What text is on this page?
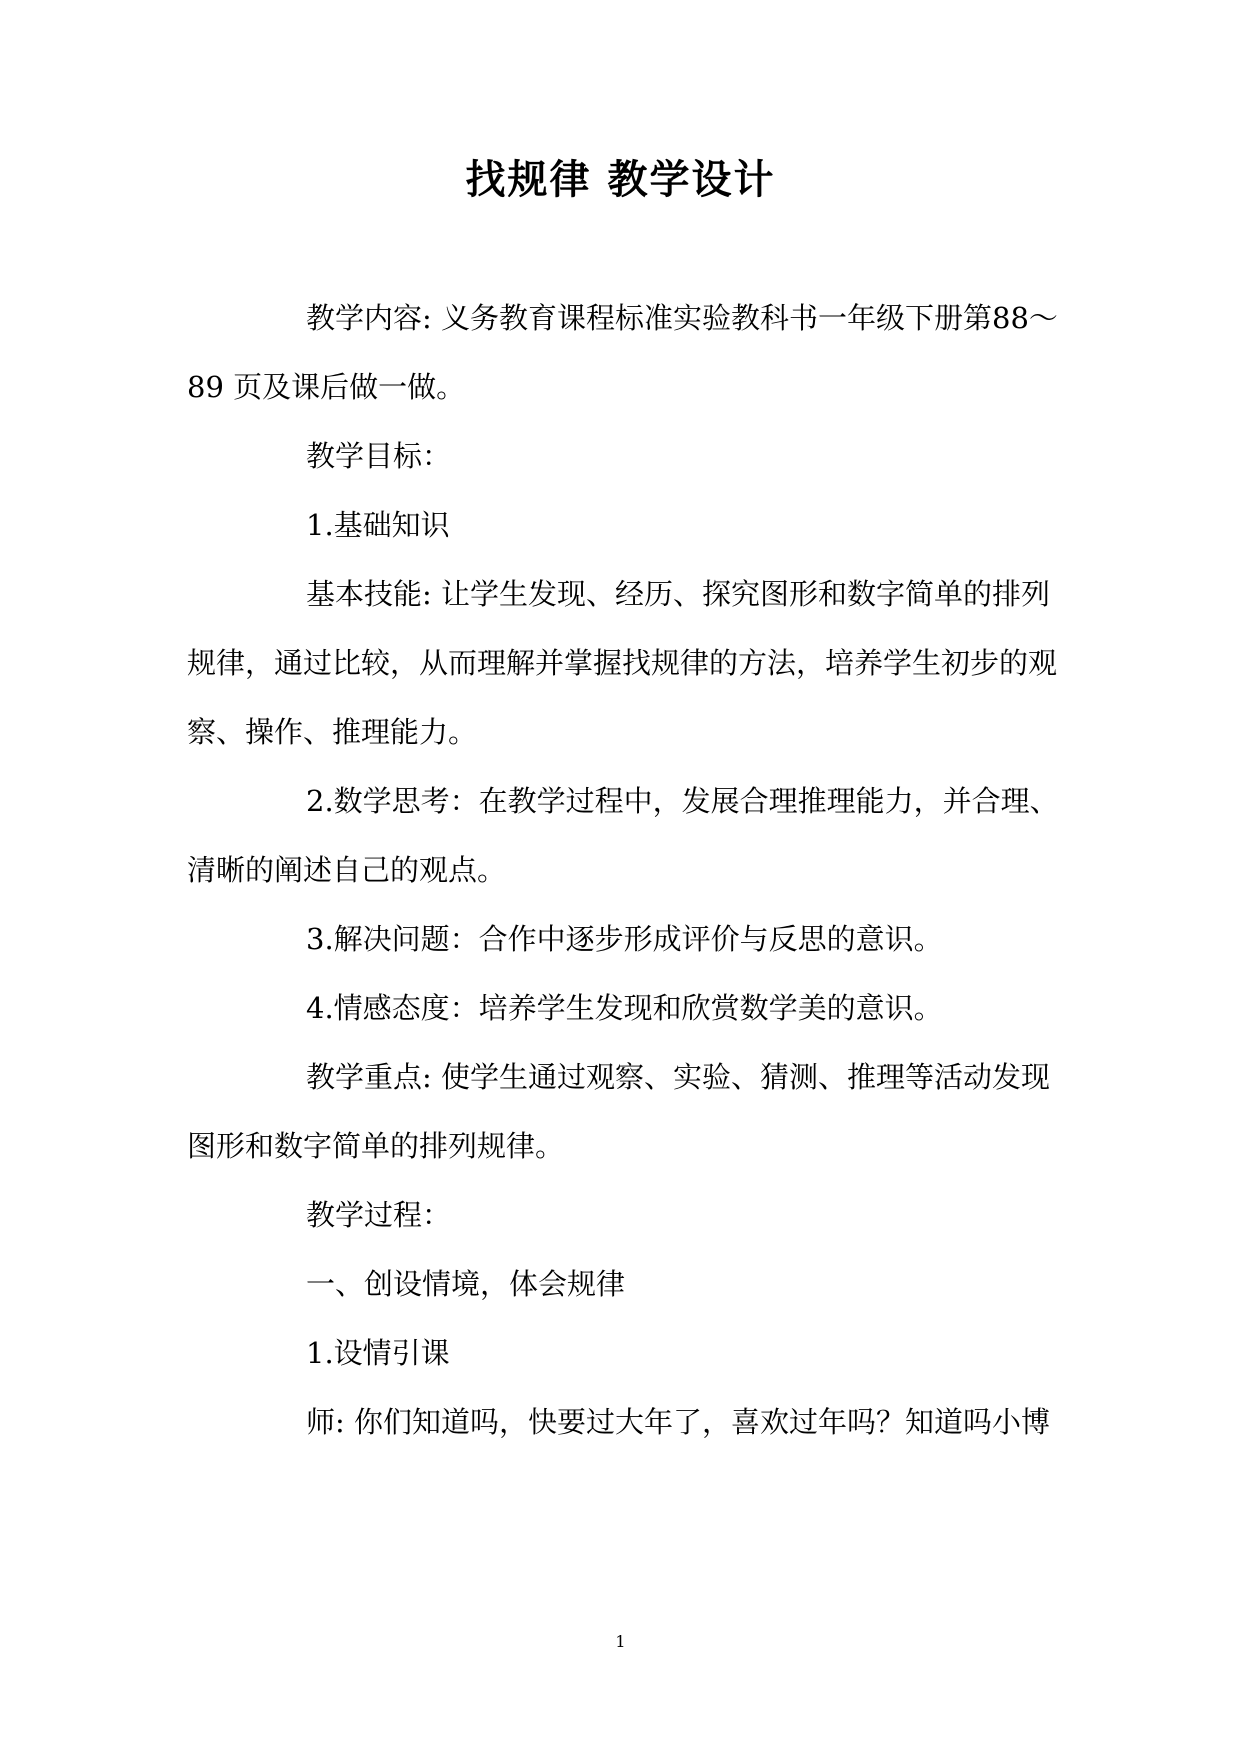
找规律 教学设计
教学内容: 义务教育课程标准实验教科书一年级下册第88～
89 页及课后做一做。
教学目标：
1.基础知识
基本技能: 让学生发现、经历、探究图形和数字简单的排列
规律，通过比较，从而理解并掌握找规律的方法，培养学生初步的观
察、操作、推理能力。
2.数学思考：在教学过程中，发展合理推理能力，并合理、
清晰的阐述自己的观点。
3.解决问题：合作中逐步形成评价与反思的意识。
4.情感态度：培养学生发现和欣赏数学美的意识。
教学重点: 使学生通过观察、实验、猜测、推理等活动发现
图形和数字简单的排列规律。
教学过程：
一、创设情境，体会规律
1.设情引课
师: 你们知道吗，快要过大年了，喜欢过年吗？知道吗小博
1
